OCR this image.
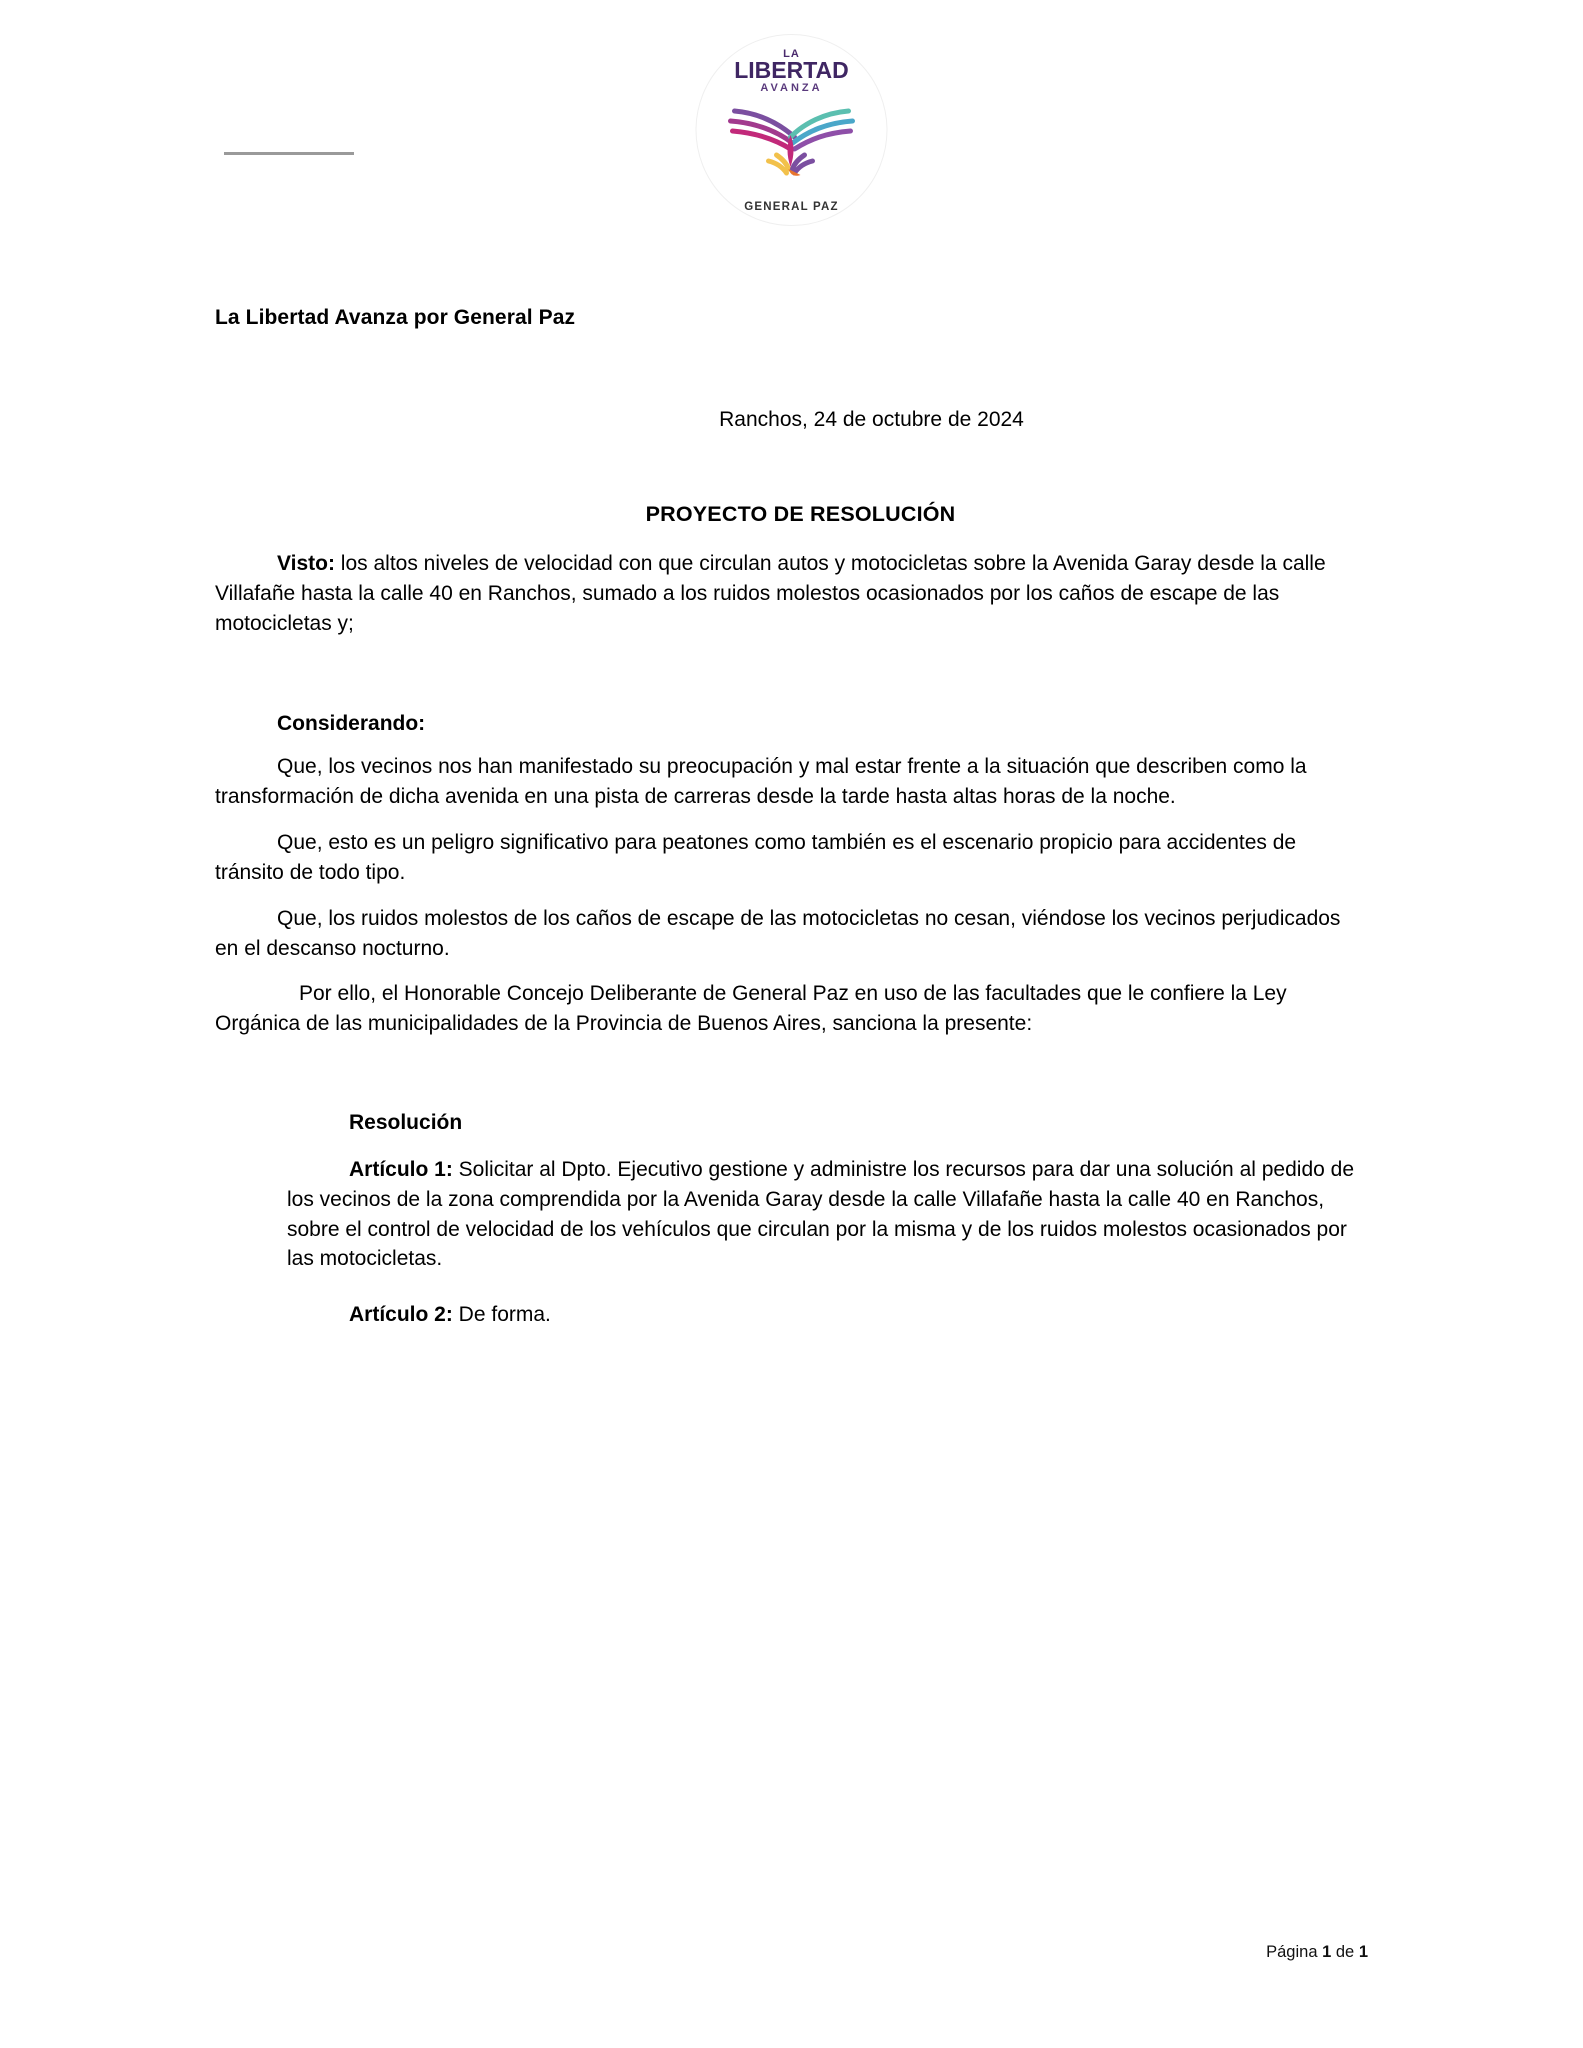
LA
LIBERTAD
AVANZA
GENERAL PAZ
La Libertad Avanza por General Paz
Ranchos, 24 de octubre de 2024
PROYECTO DE RESOLUCIÓN

Visto: los altos niveles de velocidad con que circulan autos y motocicletas sobre la Avenida Garay desde la calle Villafañe hasta la calle 40 en Ranchos, sumado a los ruidos molestos ocasionados por los caños de escape de las motocicletas y;

Considerando:

Que, los vecinos nos han manifestado su preocupación y mal estar frente a la situación que describen como la transformación de dicha avenida en una pista de carreras desde la tarde hasta altas horas de la noche.

Que, esto es un peligro significativo para peatones como también es el escenario propicio para accidentes de tránsito de todo tipo.

Que, los ruidos molestos de los caños de escape de las motocicletas no cesan, viéndose los vecinos perjudicados en el descanso nocturno.

Por ello, el Honorable Concejo Deliberante de General Paz en uso de las facultades que le confiere la Ley Orgánica de las municipalidades de la Provincia de Buenos Aires, sanciona la presente:

Resolución

Artículo 1: Solicitar al Dpto. Ejecutivo gestione y administre los recursos para dar una solución al pedido de los vecinos de la zona comprendida por la Avenida Garay desde la calle Villafañe hasta la calle 40 en Ranchos, sobre el control de velocidad de los vehículos que circulan por la misma y de los ruidos molestos ocasionados por las motocicletas.

Artículo 2: De forma.

Página 1 de 1
